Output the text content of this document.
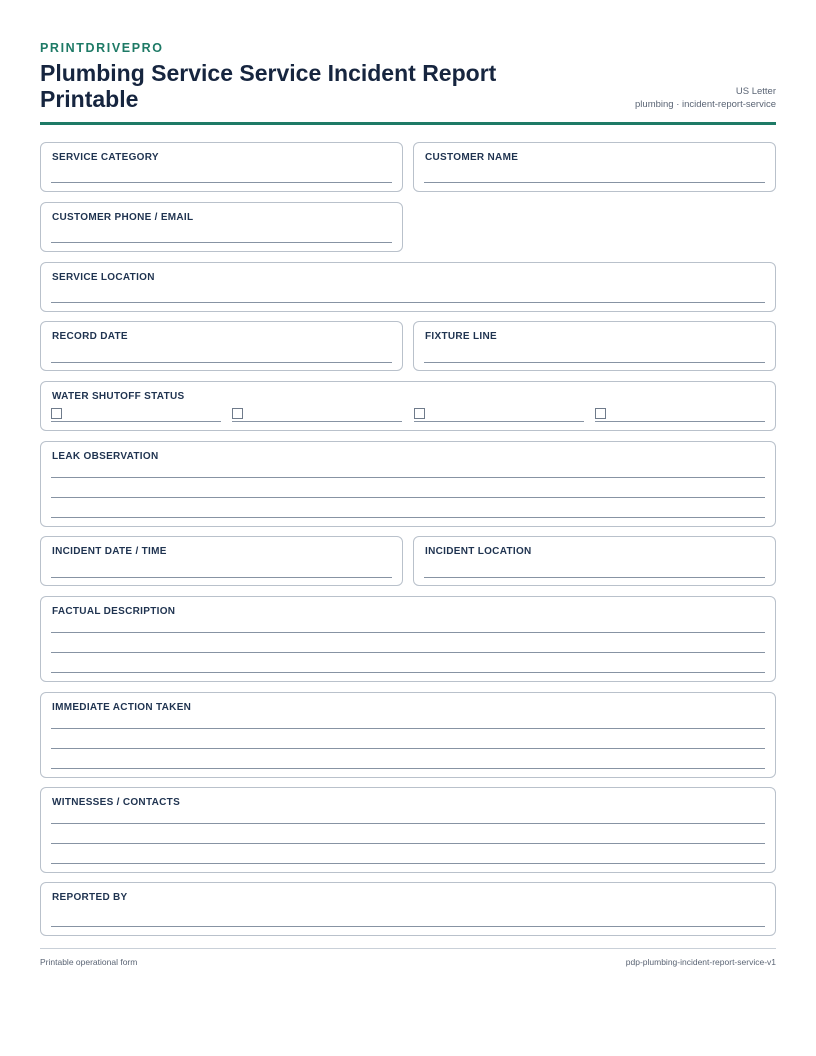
PRINTDRIVEPRO
Plumbing Service Service Incident Report Printable	US Letter
plumbing · incident-report-service
SERVICE CATEGORY	CUSTOMER NAME
CUSTOMER PHONE / EMAIL
SERVICE LOCATION
RECORD DATE	FIXTURE LINE
WATER SHUTOFF STATUS
LEAK OBSERVATION
INCIDENT DATE / TIME	INCIDENT LOCATION
FACTUAL DESCRIPTION
IMMEDIATE ACTION TAKEN
WITNESSES / CONTACTS
REPORTED BY
Printable operational form	pdp-plumbing-incident-report-service-v1
